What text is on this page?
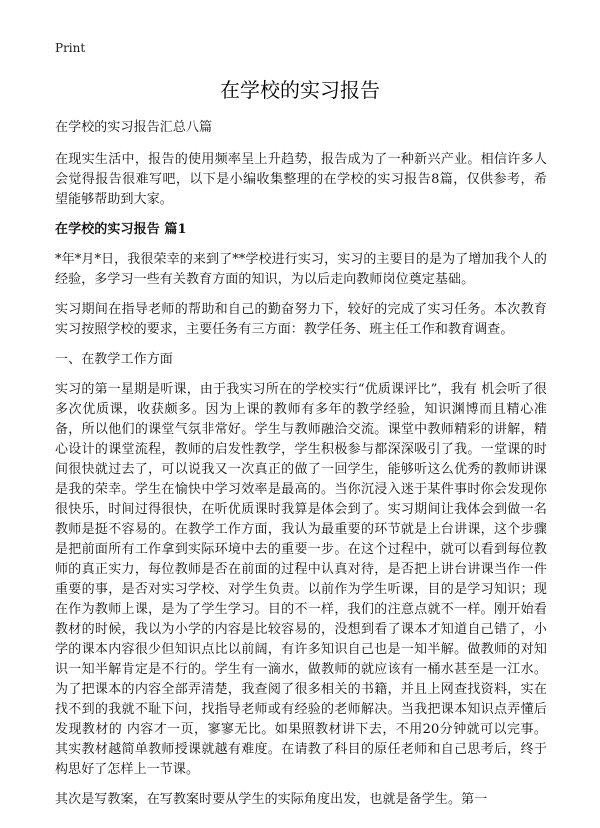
Print
在学校的实习报告

在学校的实习报告汇总八篇

在现实生活中，报告的使用频率呈上升趋势，报告成为了一种新兴产业。相信许多人会觉得报告很难写吧，以下是小编收集整理的在学校的实习报告8篇，仅供参考，希望能够帮助到大家。

在学校的实习报告 篇1

*年*月*日，我很荣幸的来到了**学校进行实习，实习的主要目的是为了增加我个人的经验，多学习一些有关教育方面的知识，为以后走向教师岗位奠定基础。

实习期间在指导老师的帮助和自己的勤奋努力下，较好的完成了实习任务。本次教育实习按照学校的要求，主要任务有三方面：教学任务、班主任工作和教育调查。

一、在教学工作方面

实习的第一星期是听课，由于我实习所在的学校实行“优质课评比”，我有 机会听了很多次优质课，收获颇多。因为上课的教师有多年的教学经验，知识渊博而且精心准备，所以他们的课堂气氛非常好。学生与教师融洽交流。课堂中教师精彩的讲解，精心设计的课堂流程，教师的启发性教学，学生积极参与都深深吸引了我。一堂课的时间很快就过去了，可以说我又一次真正的做了一回学生，能够听这么优秀的教师讲课是我的荣幸。学生在愉快中学习效率是最高的。当你沉浸入迷于某件事时你会发现你很快乐，时间过得很快，在听优质课时我算是体会到了。实习期间让我体会到做一名教师是挺不容易的。在教学工作方面，我认为最重要的环节就是上台讲课，这个步骤是把前面所有工作拿到实际环境中去的重要一步。在这个过程中，就可以看到每位教师的真正实力，每位教师是否在前面的过程中认真对待，是否把上讲台讲课当作一件重要的事，是否对实习学校、对学生负责。以前作为学生听课，目的是学习知识；现在作为教师上课，是为了学生学习。目的不一样，我们的注意点就不一样。刚开始看教材的时候，我以为小学的内容是比较容易的，没想到看了课本才知道自己错了，小学的课本内容很少但知识点比以前阔，有许多知识自己也是一知半解。做教师的对知识一知半解肯定是不行的。学生有一滴水，做教师的就应该有一桶水甚至是一江水。为了把课本的内容全部弄清楚，我查阅了很多相关的书籍，并且上网查找资料，实在找不到的我就不耻下问，找指导老师或有经验的老师解决。当我把课本知识点弄懂后发现教材的 内容才一页，寥寥无比。如果照教材讲下去，不用20分钟就可以完事。其实教材越简单教师授课就越有难度。在请教了科目的原任老师和自己思考后，终于构思好了怎样上一节课。

其次是写教案，在写教案时要从学生的实际角度出发，也就是备学生。第一
